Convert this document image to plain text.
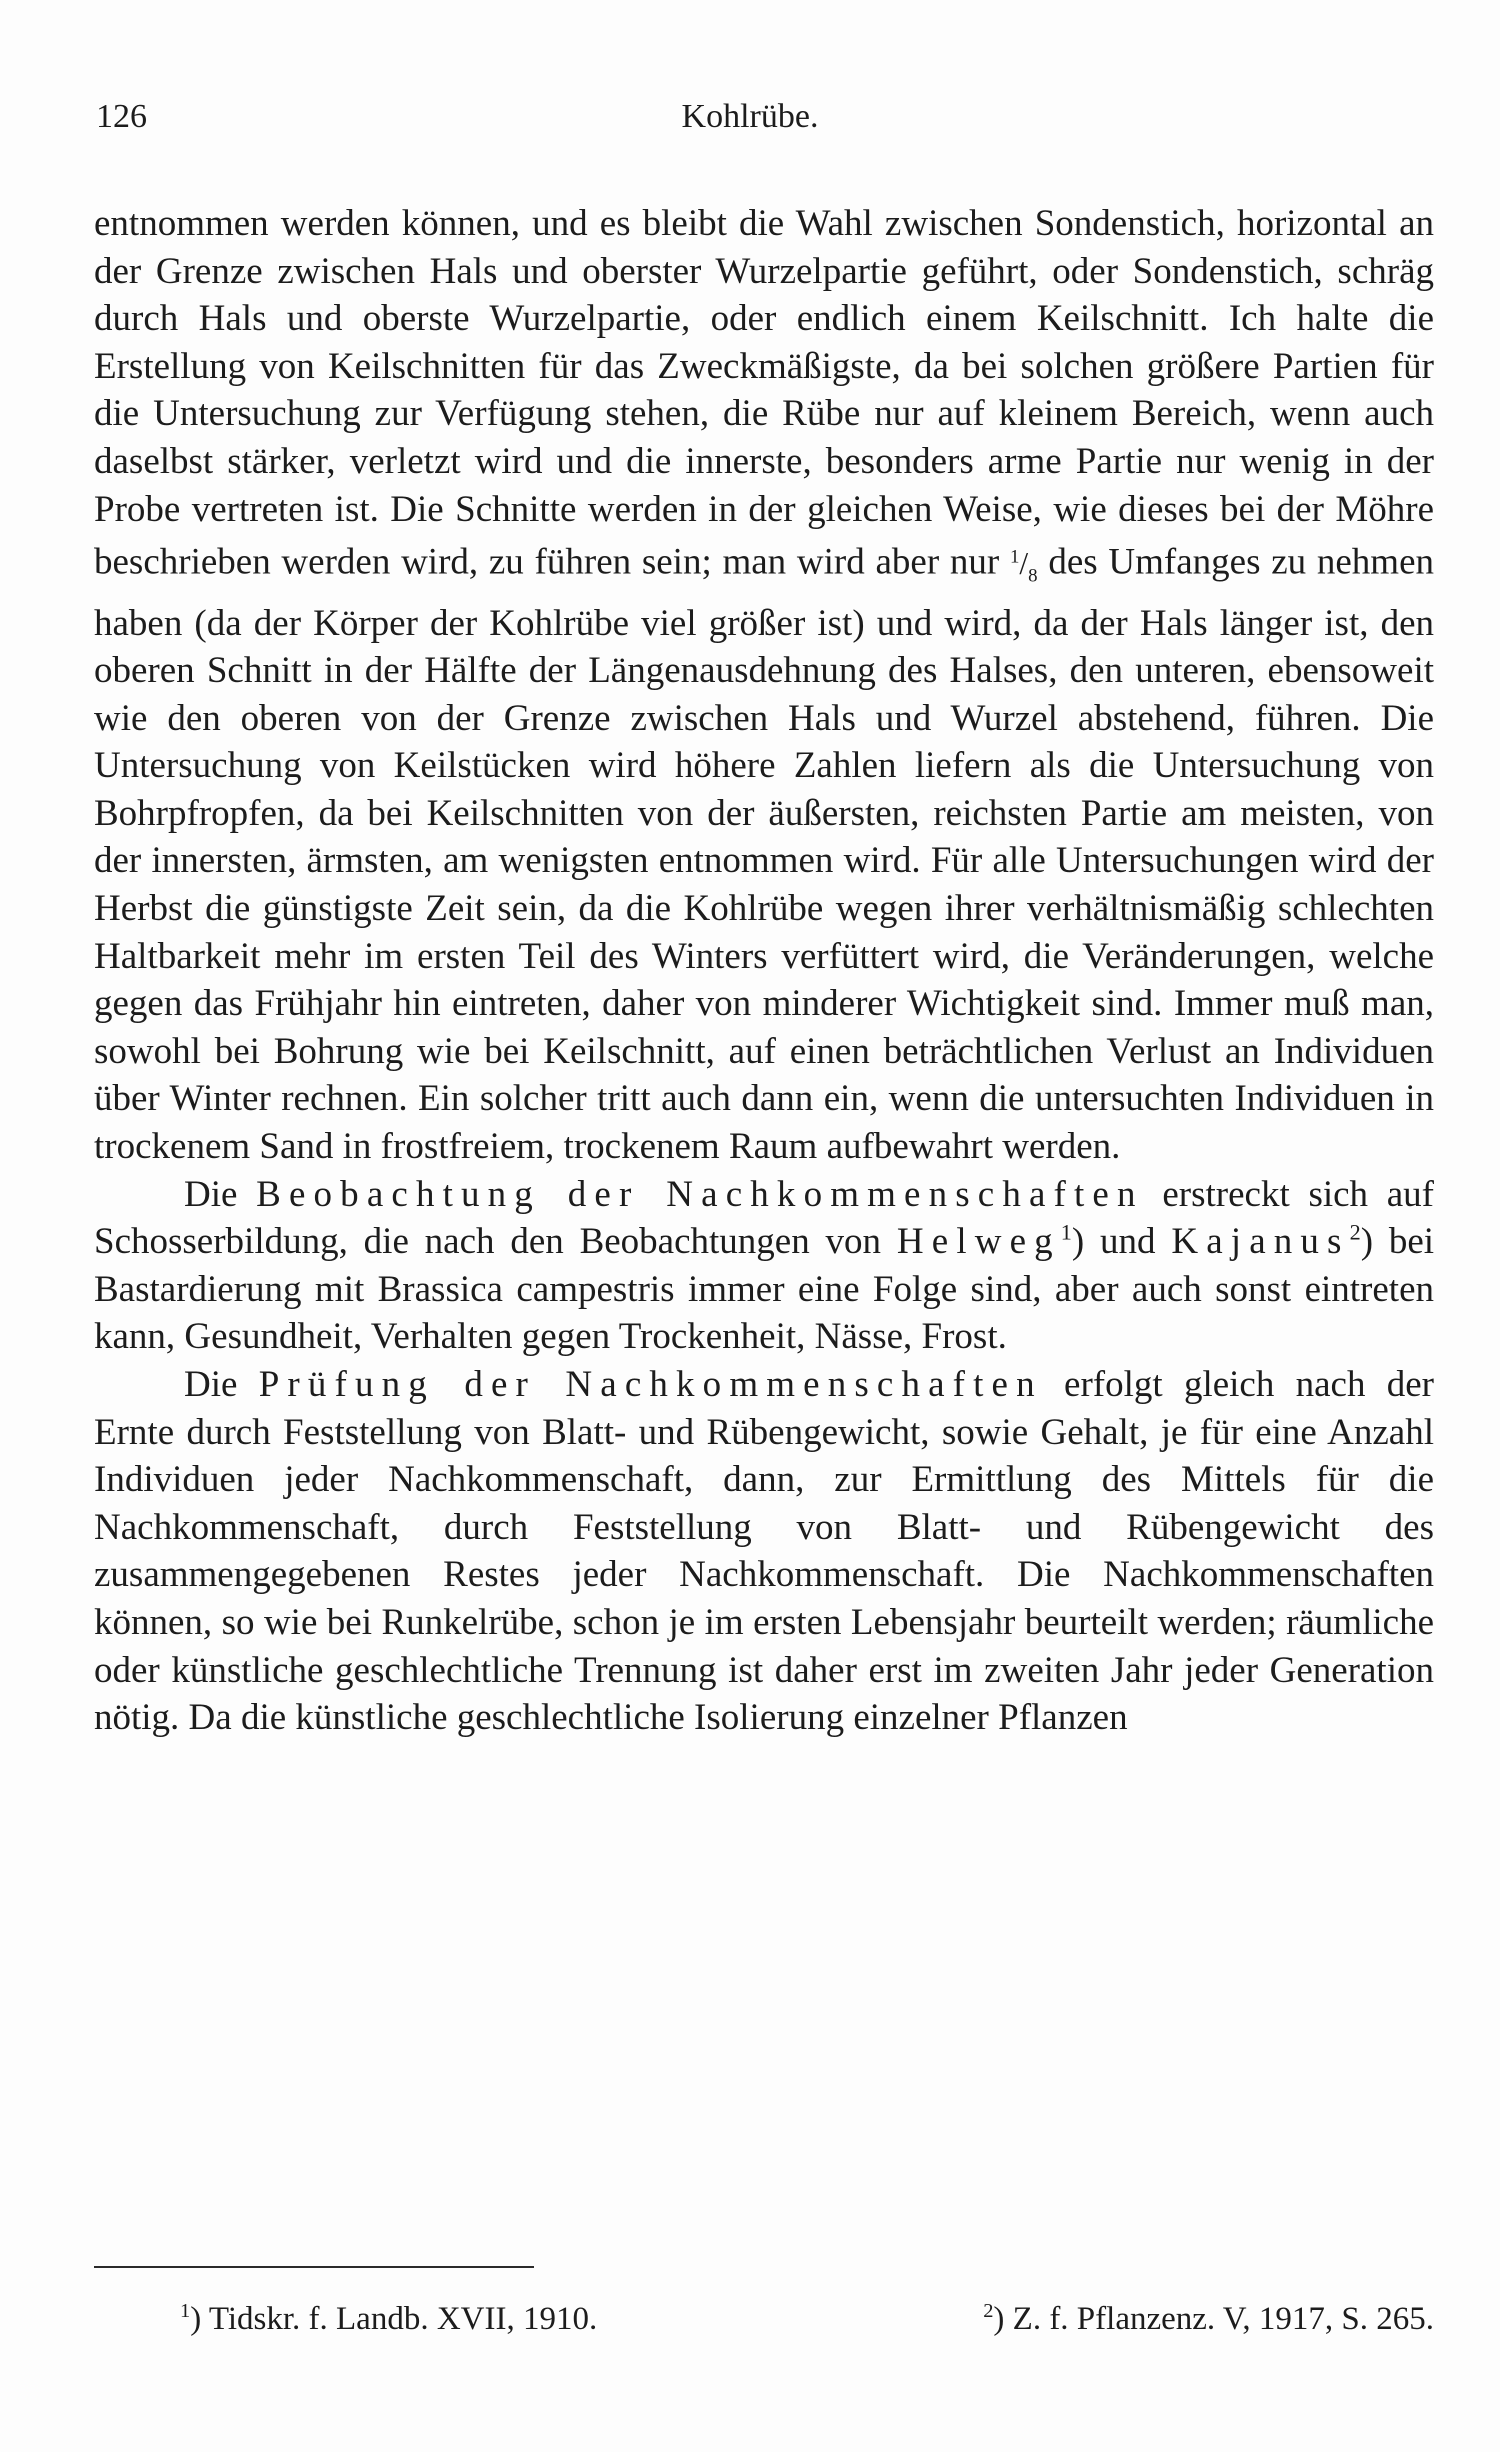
126	Kohlrübe.

entnommen werden können, und es bleibt die Wahl zwischen Sondenstich, horizontal an der Grenze zwischen Hals und oberster Wurzelpartie geführt, oder Sondenstich, schräg durch Hals und oberste Wurzelpartie, oder endlich einem Keilschnitt. Ich halte die Erstellung von Keilschnitten für das Zweckmäßigste, da bei solchen größere Partien für die Untersuchung zur Verfügung stehen, die Rübe nur auf kleinem Bereich, wenn auch daselbst stärker, verletzt wird und die innerste, besonders arme Partie nur wenig in der Probe vertreten ist. Die Schnitte werden in der gleichen Weise, wie dieses bei der Möhre beschrieben werden wird, zu führen sein; man wird aber nur $^1/_8$ des Umfanges zu nehmen haben (da der Körper der Kohlrübe viel größer ist) und wird, da der Hals länger ist, den oberen Schnitt in der Hälfte der Längenausdehnung des Halses, den unteren, ebensoweit wie den oberen von der Grenze zwischen Hals und Wurzel abstehend, führen. Die Untersuchung von Keilstücken wird höhere Zahlen liefern als die Untersuchung von Bohrpfropfen, da bei Keilschnitten von der äußersten, reichsten Partie am meisten, von der innersten, ärmsten, am wenigsten entnommen wird. Für alle Untersuchungen wird der Herbst die günstigste Zeit sein, da die Kohlrübe wegen ihrer verhältnismäßig schlechten Haltbarkeit mehr im ersten Teil des Winters verfüttert wird, die Veränderungen, welche gegen das Frühjahr hin eintreten, daher von minderer Wichtigkeit sind. Immer muß man, sowohl bei Bohrung wie bei Keilschnitt, auf einen beträchtlichen Verlust an Individuen über Winter rechnen. Ein solcher tritt auch dann ein, wenn die untersuchten Individuen in trockenem Sand in frostfreiem, trockenem Raum aufbewahrt werden.

Die Beobachtung der Nachkommenschaften erstreckt sich auf Schosserbildung, die nach den Beobachtungen von Helweg$^1$) und Kajanus$^2$) bei Bastardierung mit Brassica campestris immer eine Folge sind, aber auch sonst eintreten kann, Gesundheit, Verhalten gegen Trockenheit, Nässe, Frost.

Die Prüfung der Nachkommenschaften erfolgt gleich nach der Ernte durch Feststellung von Blatt- und Rübengewicht, sowie Gehalt, je für eine Anzahl Individuen jeder Nachkommenschaft, dann, zur Ermittlung des Mittels für die Nachkommenschaft, durch Feststellung von Blatt- und Rübengewicht des zusammengegebenen Restes jeder Nachkommenschaft. Die Nachkommenschaften können, so wie bei Runkelrübe, schon je im ersten Lebensjahr beurteilt werden; räumliche oder künstliche geschlechtliche Trennung ist daher erst im zweiten Jahr jeder Generation nötig. Da die künstliche geschlechtliche Isolierung einzelner Pflanzen

$^1$) Tidskr. f. Landb. XVII, 1910.	$^2$) Z. f. Pflanzenz. V, 1917, S. 265.
